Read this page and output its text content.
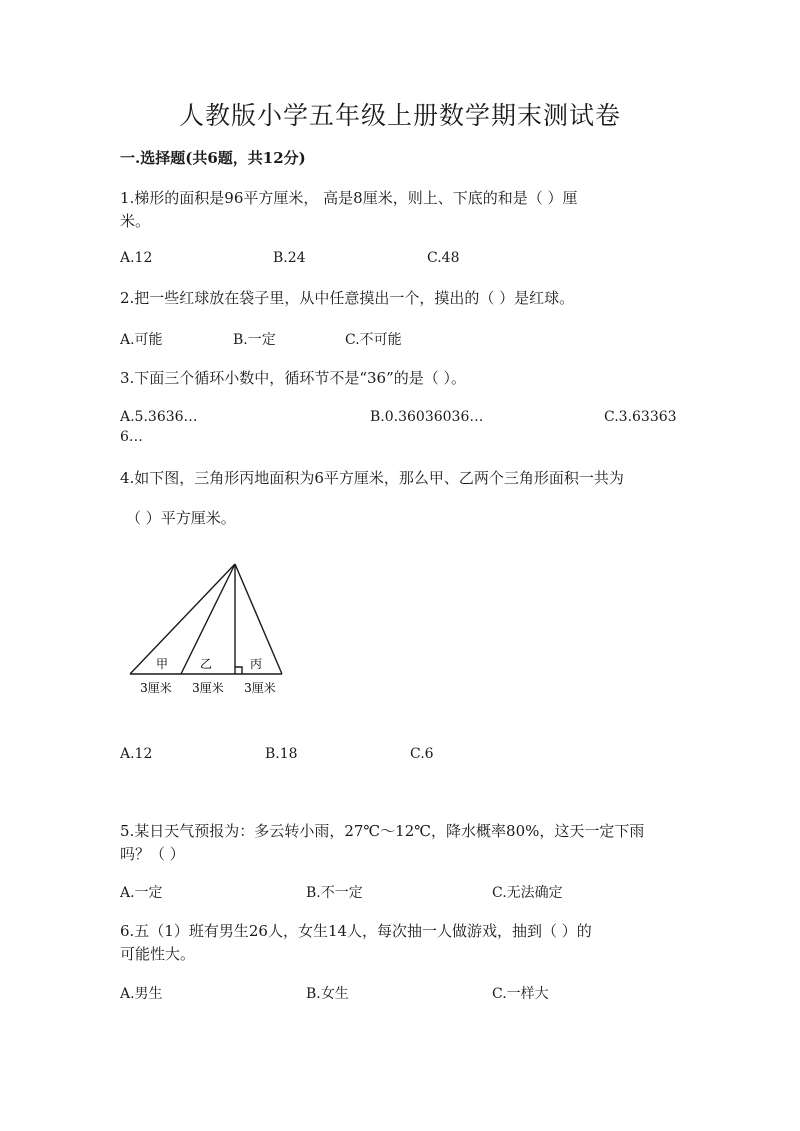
人教版小学五年级上册数学期末测试卷
一.选择题(共6题，共12分)
1.梯形的面积是96平方厘米， 高是8厘米，则上、下底的和是（ ）厘
米。
A.12	B.24	C.48
2.把一些红球放在袋子里，从中任意摸出一个，摸出的（ ）是红球。
A.可能	B.一定	C.不可能
3.下面三个循环小数中，循环节不是“36”的是（ ）。
A.5.3636…	B.0.36036036…	C.3.63363
6…
4.如下图，三角形丙地面积为6平方厘米，那么甲、乙两个三角形面积一共为
（ ）平方厘米。
甲	乙	丙
3厘米 3厘米 3厘米
A.12	B.18	C.6
5.某日天气预报为：多云转小雨，27℃～12℃，降水概率80%，这天一定下雨
吗？（ ）
A.一定	B.不一定	C.无法确定
6.五（1）班有男生26人，女生14人，每次抽一人做游戏，抽到（ ）的
可能性大。
A.男生	B.女生	C.一样大
